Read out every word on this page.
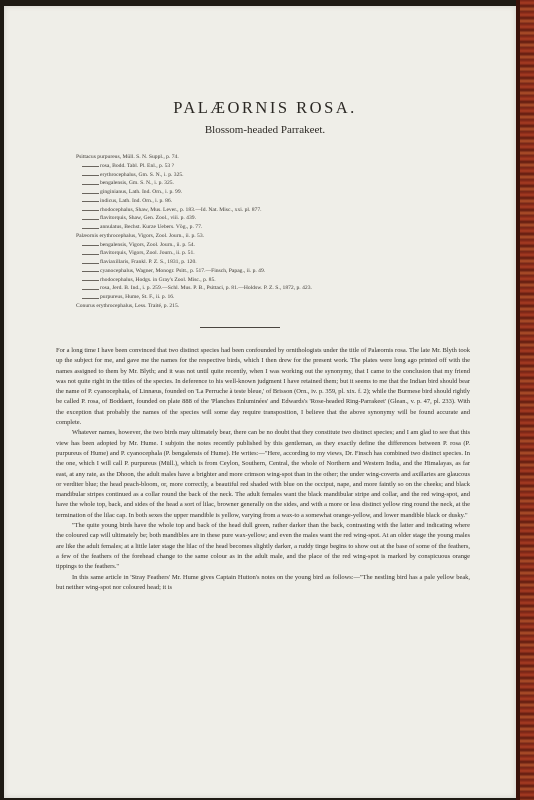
PALÆORNIS ROSA.
Blossom-headed Parrakeet.
Psittacus purpureus, Müll. S. N. Suppl., p. 74.
rosa, Bodd. Tabl. Pl. Enl., p. 53 ?
erythrocephalus, Gm. S. N., i. p. 325.
bengalensis, Gm. S. N., i. p. 325.
ginginianus, Lath. Ind. Orn., i. p. 99.
indicus, Lath. Ind. Orn., i. p. 86.
rhodocephalus, Shaw, Mus. Lever., p. 183.—Id. Nat. Misc., xxi. pl. 877.
flavitorquis, Shaw, Gen. Zool., viii. p. 439.
annulatus, Bechst. Kurze Uebers. Vög., p. 77.
Palæornis erythrocephalus, Vigors, Zool. Journ., ii. p. 53.
bengalensis, Vigors, Zool. Journ., ii. p. 54.
flavitorquis, Vigors, Zool. Journ., ii. p. 51.
flaviaxillaris, Frankl. P. Z. S., 1831, p. 120.
cyanocephalus, Wagner, Monogr. Psitt., p. 517.—Finsch, Papag., ii. p. 49.
rhodocephalus, Hodgs. in Gray's Zool. Misc., p. 85.
rosa, Jerd. B. Ind., i. p. 259.—Schl. Mus. P. B., Psittaci, p. 81.—Holdsw. P. Z. S., 1872, p. 423.
purpureus, Hume, St. F., ii. p. 16.
Conurus erythrocephalus, Less. Traité, p. 215.

For a long time I have been convinced that two distinct species had been confounded by ornithologists under the title of Palæornis rosa. The late Mr. Blyth took up the subject for me, and gave me the names for the respective birds, which I then drew for the present work. The plates were long ago printed off with the names assigned to them by Mr. Blyth; and it was not until quite recently, when I was working out the synonymy, that I came to the conclusion that my friend was not quite right in the titles of the species. In deference to his well-known judgment I have retained them; but it seems to me that the Indian bird should bear the name of P. cyanocephala, of Linnæus, founded on 'La Perruche à teste bleue,' of Brisson (Orn., iv. p. 359, pl. xix. f. 2); while the Burmese bird should rightly be called P. rosa, of Boddaert, founded on plate 888 of the 'Planches Enluminées' and Edwards's 'Rose-headed Ring-Parrakeet' (Glean., v. p. 47, pl. 233). With the exception that probably the names of the species will some day require transposition, I believe that the above synonymy will be found accurate and complete.

Whatever names, however, the two birds may ultimately bear, there can be no doubt that they constitute two distinct species; and I am glad to see that this view has been adopted by Mr. Hume. I subjoin the notes recently published by this gentleman, as they exactly define the differences between P. rosa (P. purpureus of Hume) and P. cyanocephala (P. bengalensis of Hume). He writes:—"Here, according to my views, Dr. Finsch has combined two distinct species. In the one, which I will call P. purpureus (Müll.), which is from Ceylon, Southern, Central, the whole of Northern and Western India, and the Himalayas, as far east, at any rate, as the Dhoon, the adult males have a brighter and more crimson wing-spot than in the other; the under wing-coverts and axillaries are glaucous or verditer blue; the head peach-bloom, or, more correctly, a beautiful red shaded with blue on the occiput, nape, and more faintly so on the cheeks; and black mandibular stripes continued as a collar round the back of the neck. The adult females want the black mandibular stripe and collar, and the red wing-spot, and have the whole top, back, and sides of the head a sort of lilac, browner generally on the sides, and with a more or less distinct yellow ring round the neck, at the termination of the lilac cap. In both sexes the upper mandible is yellow, varying from a wax-to a somewhat orange-yellow, and lower mandible black or dusky."

"The quite young birds have the whole top and back of the head dull green, rather darker than the back, contrasting with the latter and indicating where the coloured cap will ultimately be; both mandibles are in these pure wax-yellow; and even the males want the red wing-spot. At an older stage the young males are like the adult females; at a little later stage the lilac of the head becomes slightly darker, a ruddy tinge begins to show out at the base of some of the feathers, a few of the feathers of the forehead change to the same colour as in the adult male, and the place of the red wing-spot is marked by conspicuous orange tippings to the feathers."

In this same article in 'Stray Feathers' Mr. Hume gives Captain Hutton's notes on the young bird as follows:—"The nestling bird has a pale yellow beak, but neither wing-spot nor coloured head; it is
